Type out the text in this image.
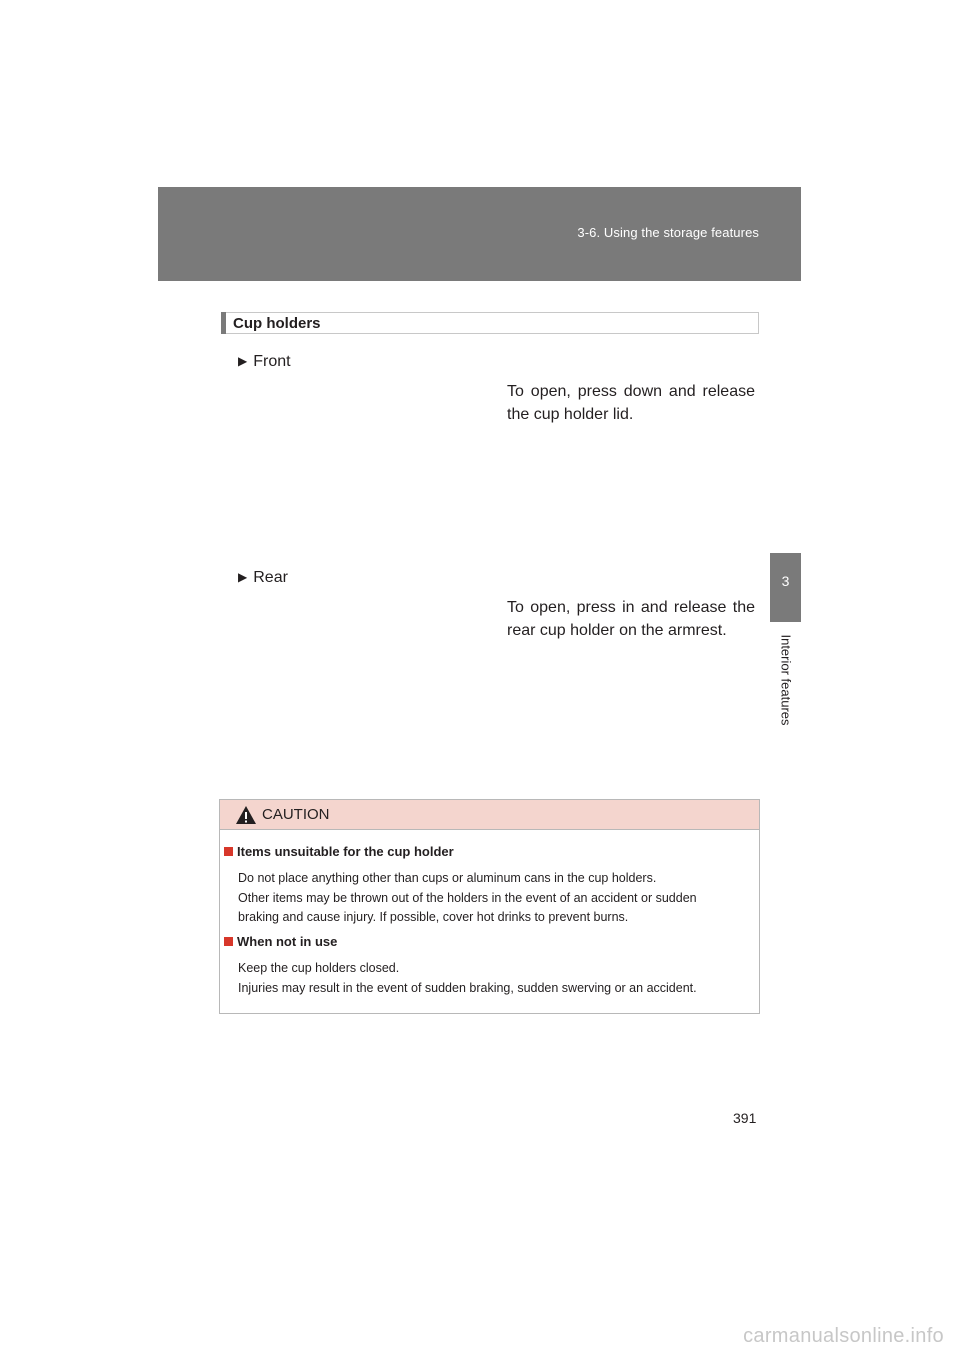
3-6. Using the storage features
3
Interior features
Cup holders
▶ Front
To open, press down and release the cup holder lid.
▶ Rear
To open, press in and release the rear cup holder on the armrest.
CAUTION
Items unsuitable for the cup holder
Do not place anything other than cups or aluminum cans in the cup holders.
Other items may be thrown out of the holders in the event of an accident or sudden
braking and cause injury. If possible, cover hot drinks to prevent burns.
When not in use
Keep the cup holders closed.
Injuries may result in the event of sudden braking, sudden swerving or an accident.
391
carmanualsonline.info
